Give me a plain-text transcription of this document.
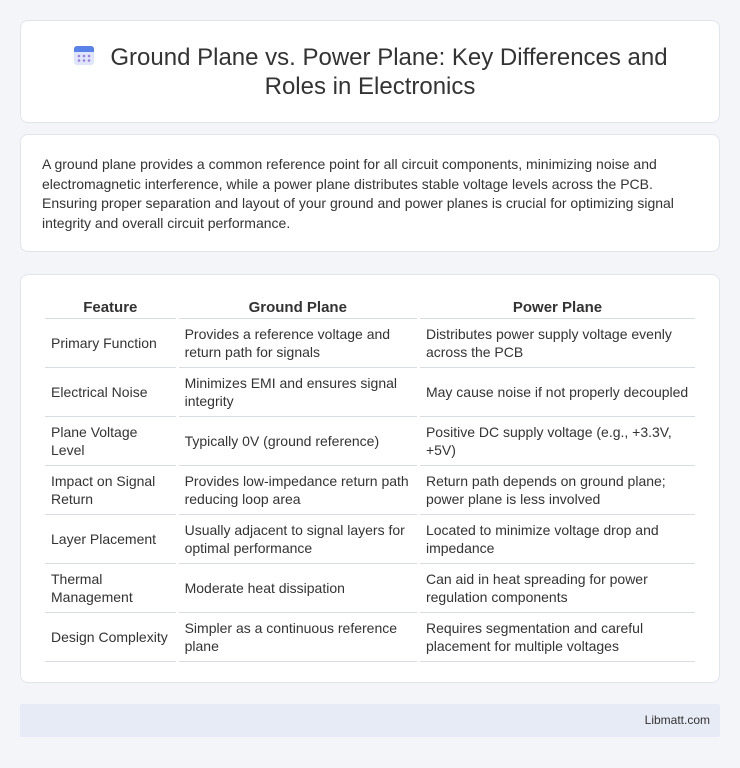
Ground Plane vs. Power Plane: Key Differences and Roles in Electronics

A ground plane provides a common reference point for all circuit components, minimizing noise and electromagnetic interference, while a power plane distributes stable voltage levels across the PCB. Ensuring proper separation and layout of your ground and power planes is crucial for optimizing signal integrity and overall circuit performance.

Feature	Ground Plane	Power Plane
Primary Function	Provides a reference voltage and return path for signals	Distributes power supply voltage evenly across the PCB
Electrical Noise	Minimizes EMI and ensures signal integrity	May cause noise if not properly decoupled
Plane Voltage Level	Typically 0V (ground reference)	Positive DC supply voltage (e.g., +3.3V, +5V)
Impact on Signal Return	Provides low-impedance return path reducing loop area	Return path depends on ground plane; power plane is less involved
Layer Placement	Usually adjacent to signal layers for optimal performance	Located to minimize voltage drop and impedance
Thermal Management	Moderate heat dissipation	Can aid in heat spreading for power regulation components
Design Complexity	Simpler as a continuous reference plane	Requires segmentation and careful placement for multiple voltages
Libmatt.com
